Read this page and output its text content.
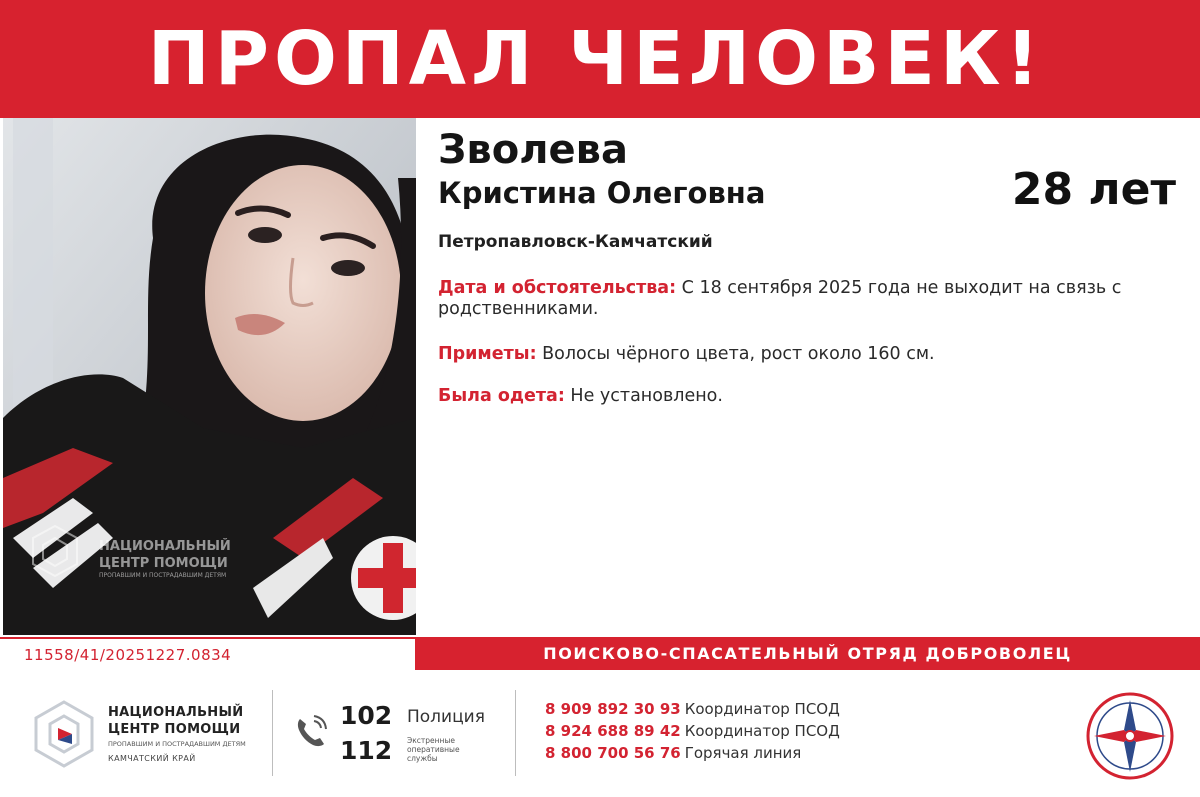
ПРОПАЛ ЧЕЛОВЕК!
НАЦИОНАЛЬНЫЙ
ЦЕНТР ПОМОЩИ
ПРОПАВШИМ И ПОСТРАДАВШИМ ДЕТЯМ
Зволева
Кристина Олеговна	28 лет
Петропавловск-Камчатский
Дата и обстоятельства: С 18 сентября 2025 года не выходит на связь с родственниками.
Приметы: Волосы чёрного цвета, рост около 160 см.
Была одета: Не установлено.
11558/41/20251227.0834	ПОИСКОВО-СПАСАТЕЛЬНЫЙ ОТРЯД ДОБРОВОЛЕЦ
НАЦИОНАЛЬНЫЙ
ЦЕНТР ПОМОЩИ
ПРОПАВШИМ И ПОСТРАДАВШИМ ДЕТЯМ
КАМЧАТСКИЙ КРАЙ
102
112
Полиция
Экстренные оперативные службы
8 909 892 30 93 Координатор ПСОД
8 924 688 89 42 Координатор ПСОД
8 800 700 56 76 Горячая линия
